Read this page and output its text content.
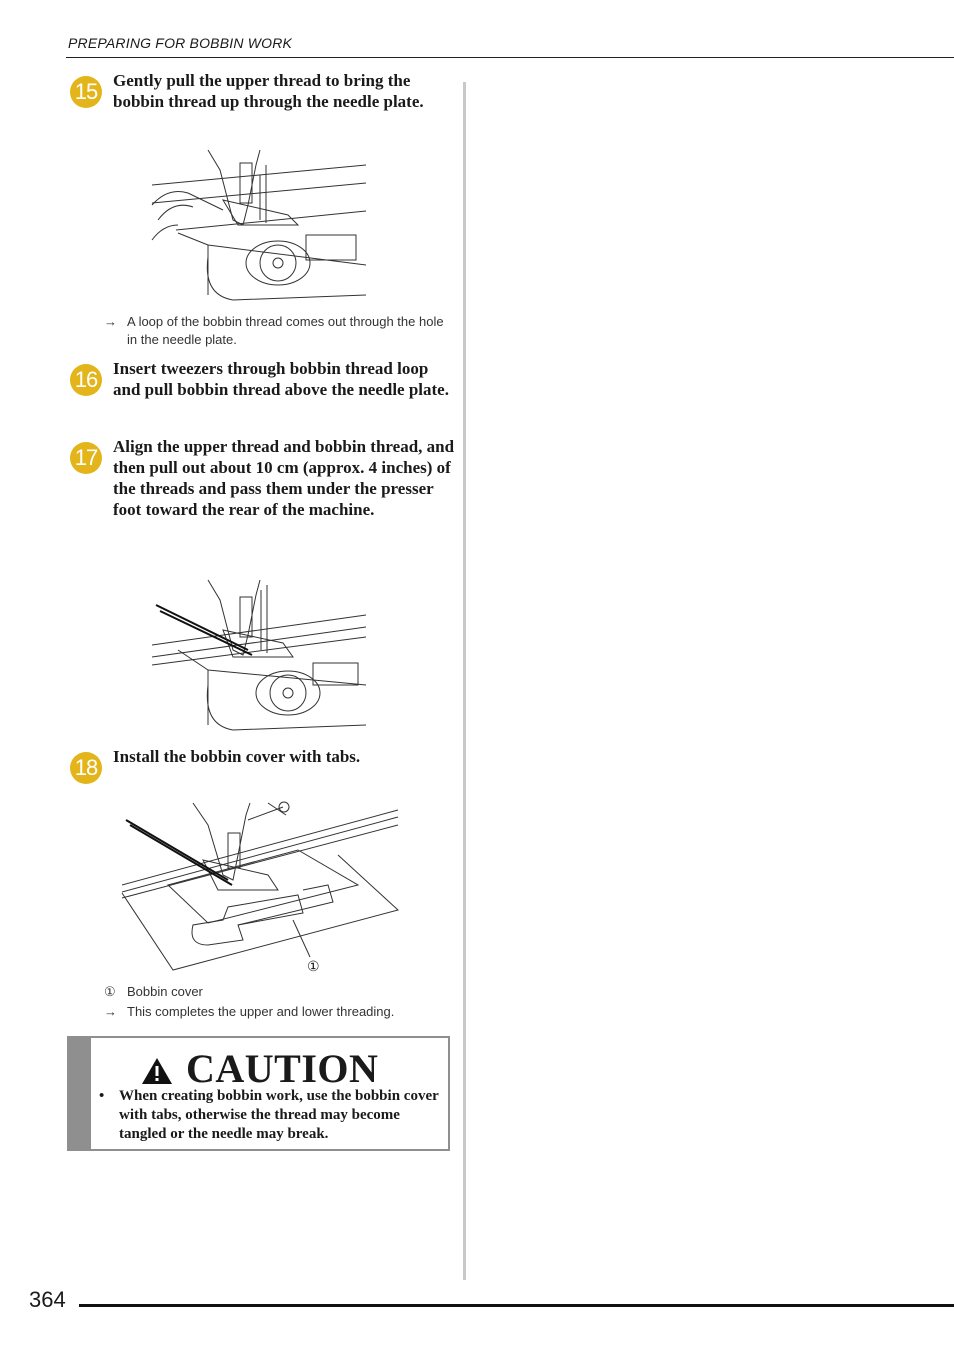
PREPARING FOR BOBBIN WORK
15 Gently pull the upper thread to bring the bobbin thread up through the needle plate.
→ A loop of the bobbin thread comes out through the hole in the needle plate.
16 Insert tweezers through bobbin thread loop and pull bobbin thread above the needle plate.
17 Align the upper thread and bobbin thread, and then pull out about 10 cm (approx. 4 inches) of the threads and pass them under the presser foot toward the rear of the machine.
18 Install the bobbin cover with tabs.
①
① Bobbin cover
→ This completes the upper and lower threading.
CAUTION
• When creating bobbin work, use the bobbin cover with tabs, otherwise the thread may become tangled or the needle may break.
364
